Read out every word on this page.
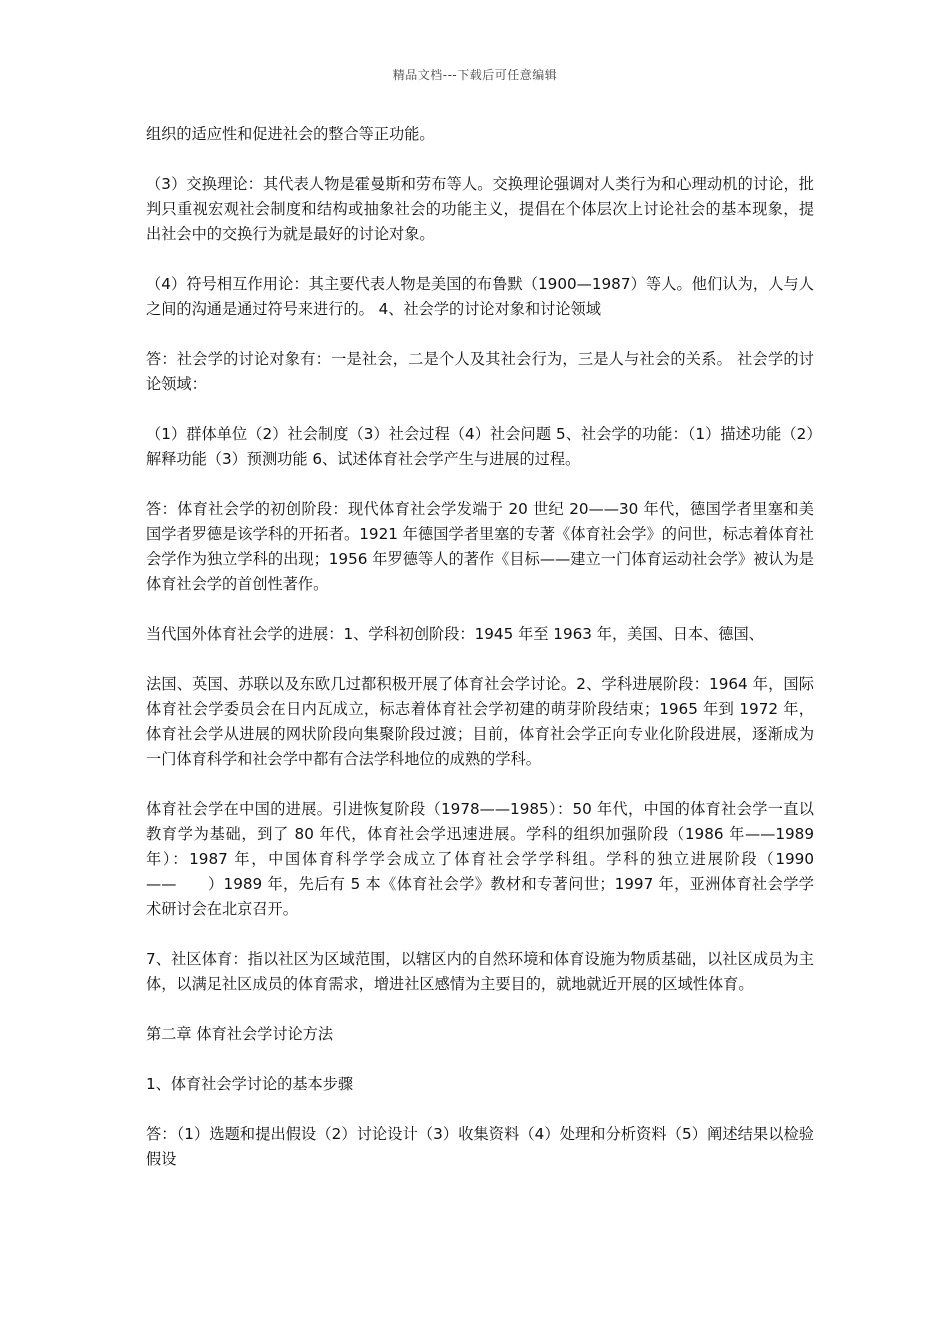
精品文档---下载后可任意编辑

组织的适应性和促进社会的整合等正功能。

（3）交换理论：其代表人物是霍曼斯和劳布等人。交换理论强调对人类行为和心理动机的讨论，批判只重视宏观社会制度和结构或抽象社会的功能主义，提倡在个体层次上讨论社会的基本现象，提出社会中的交换行为就是最好的讨论对象。

（4）符号相互作用论：其主要代表人物是美国的布鲁默（1900—1987）等人。他们认为，人与人之间的沟通是通过符号来进行的。 4、社会学的讨论对象和讨论领域

答：社会学的讨论对象有：一是社会，二是个人及其社会行为，三是人与社会的关系。 社会学的讨论领域：

（1）群体单位（2）社会制度（3）社会过程（4）社会问题 5、社会学的功能：（1）描述功能（2）解释功能（3）预测功能 6、试述体育社会学产生与进展的过程。

答：体育社会学的初创阶段：现代体育社会学发端于 20 世纪 20——30 年代，德国学者里塞和美国学者罗德是该学科的开拓者。1921 年德国学者里塞的专著《体育社会学》的问世，标志着体育社会学作为独立学科的出现；1956 年罗德等人的著作《目标——建立一门体育运动社会学》被认为是体育社会学的首创性著作。

当代国外体育社会学的进展：1、学科初创阶段：1945 年至 1963 年，美国、日本、德国、

法国、英国、苏联以及东欧几过都积极开展了体育社会学讨论。2、学科进展阶段：1964 年，国际体育社会学委员会在日内瓦成立，标志着体育社会学初建的萌芽阶段结束；1965 年到 1972 年，体育社会学从进展的网状阶段向集聚阶段过渡；目前，体育社会学正向专业化阶段进展，逐渐成为一门体育科学和社会学中都有合法学科地位的成熟的学科。

体育社会学在中国的进展。引进恢复阶段（1978——1985）：50 年代，中国的体育社会学一直以教育学为基础，到了 80 年代，体育社会学迅速进展。学科的组织加强阶段（1986 年——1989 年）：1987 年，中国体育科学学会成立了体育社会学学科组。学科的独立进展阶段（1990——　　）1989 年，先后有 5 本《体育社会学》教材和专著问世；1997 年，亚洲体育社会学学术研讨会在北京召开。

7、社区体育：指以社区为区域范围，以辖区内的自然环境和体育设施为物质基础，以社区成员为主体，以满足社区成员的体育需求，增进社区感情为主要目的，就地就近开展的区域性体育。

第二章 体育社会学讨论方法

1、体育社会学讨论的基本步骤

答：（1）选题和提出假设（2）讨论设计（3）收集资料（4）处理和分析资料（5）阐述结果以检验假设
